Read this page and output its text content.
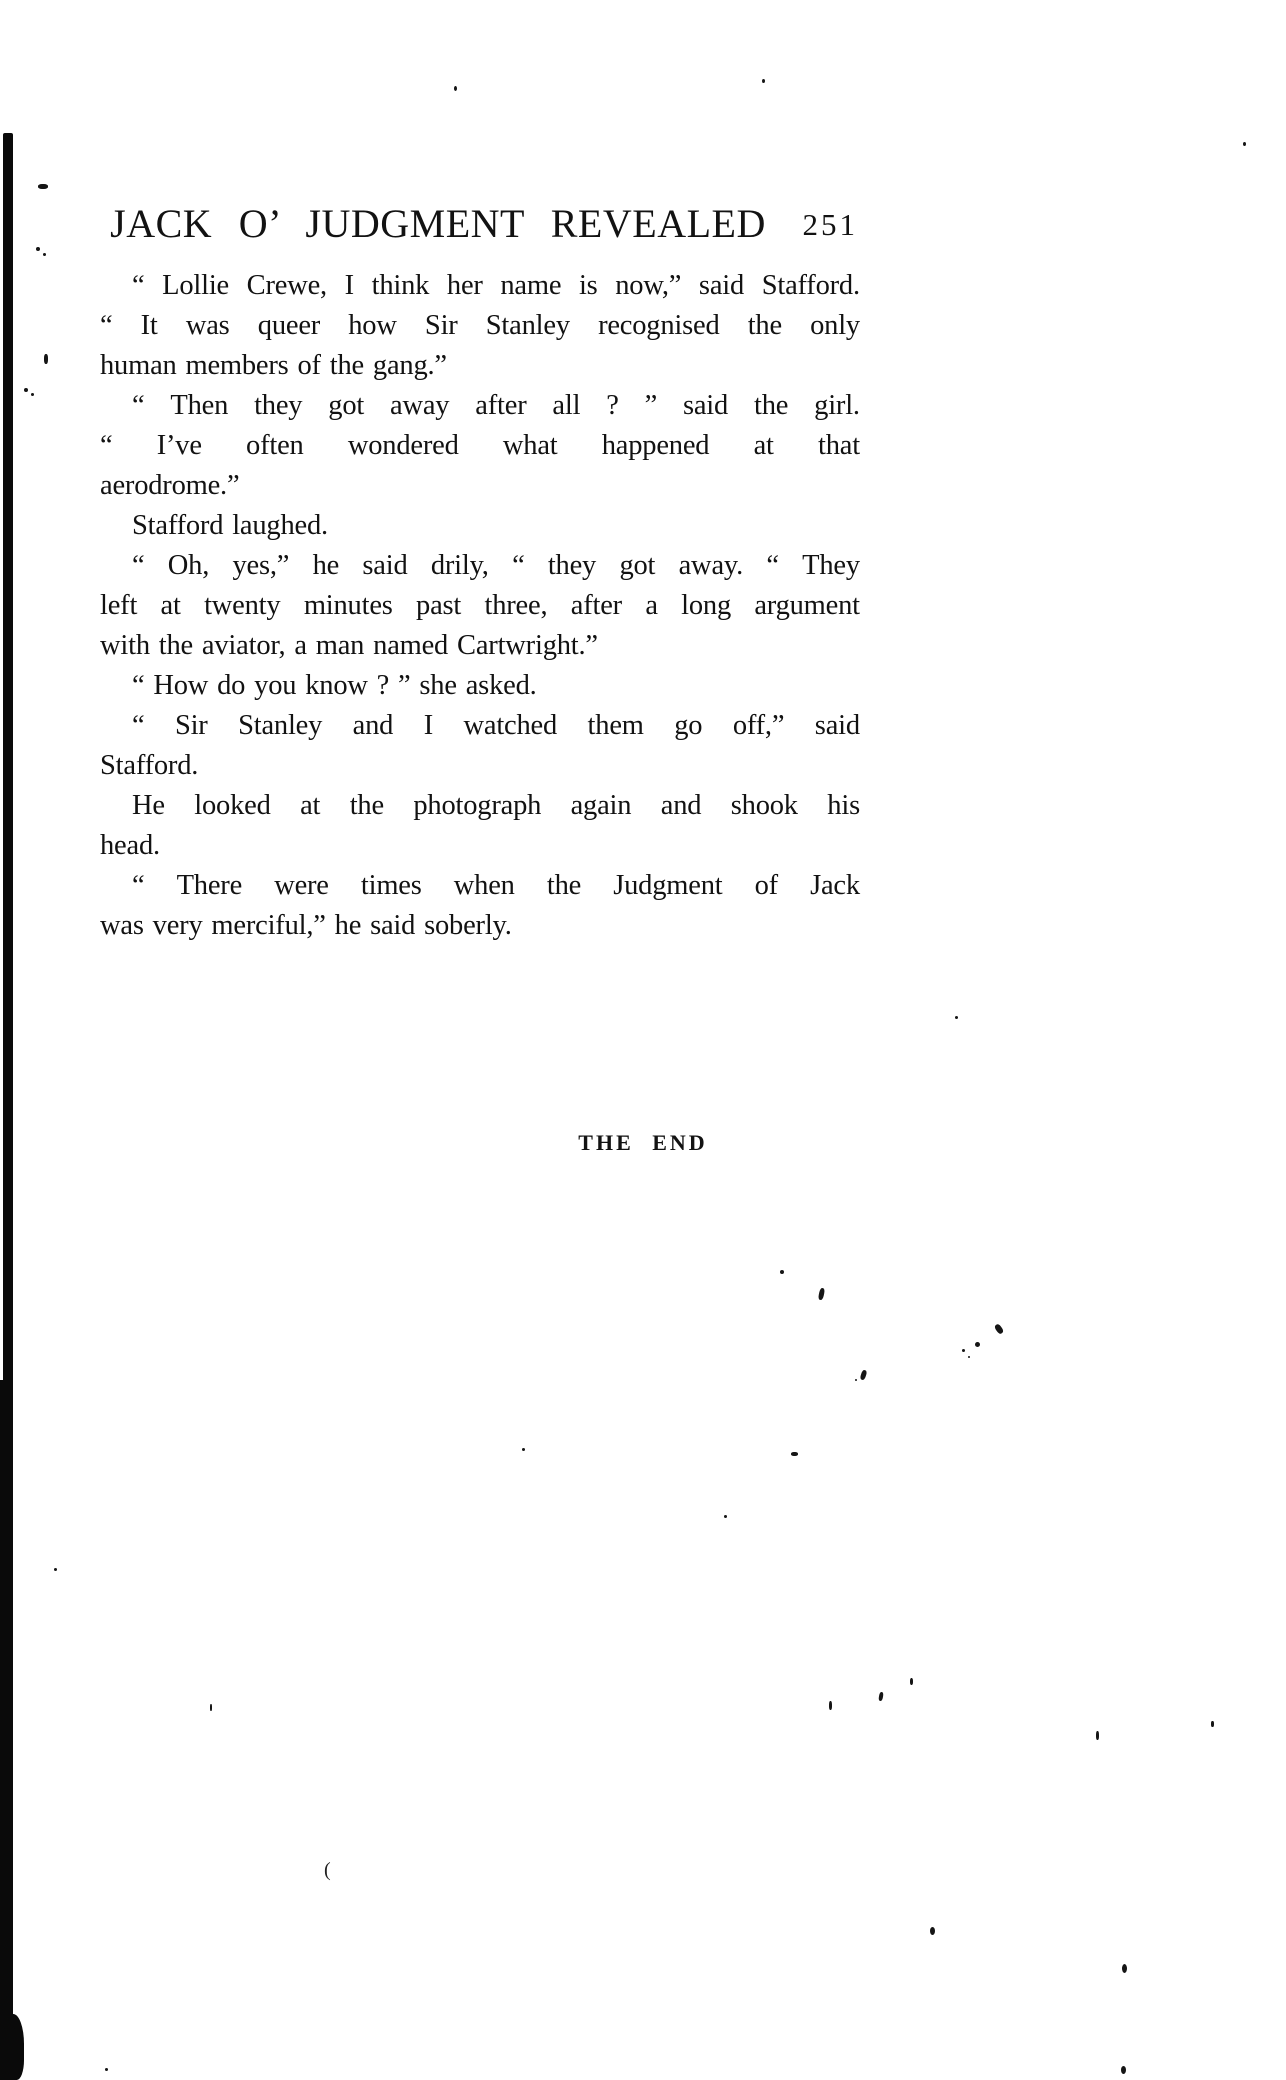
JACK O’ JUDGMENT REVEALED	251
“ Lollie Crewe, I think her name is now,” said Stafford.
“ It was queer how Sir Stanley recognised the only
human members of the gang.”
“ Then they got away after all ? ” said the girl.
“ I’ve often wondered what happened at that
aerodrome.”
Stafford laughed.
“ Oh, yes,” he said drily, “ they got away. “ They
left at twenty minutes past three, after a long argument
with the aviator, a man named Cartwright.”
“ How do you know ? ” she asked.
“ Sir Stanley and I watched them go off,” said
Stafford.
He looked at the photograph again and shook his
head.
“ There were times when the Judgment of Jack
was very merciful,” he said soberly.
THE END
(
